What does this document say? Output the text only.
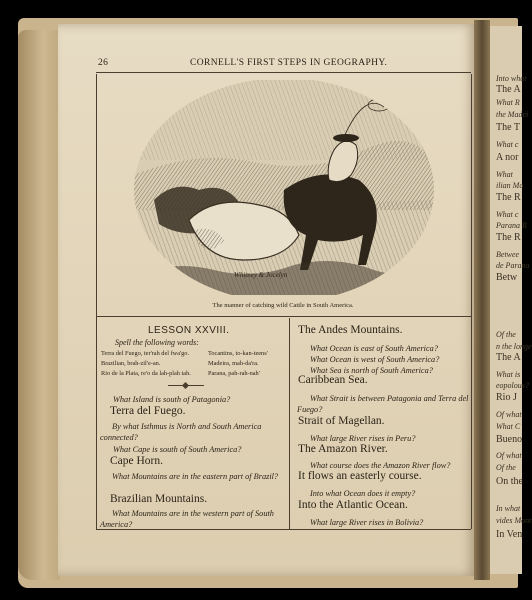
Into what
The A
What R
the Madei
The T
What c
A nor
What
ilian Mo
The R
What c
Parana R
The R
Betwee
de Parana
Betw
Of the
n the longe
The A
What is
eopolous?
Rio J
Of what
What C
Bueno
Of what
Of the
On the
In what
vides Mont
In Ven
26	CORNELL'S FIRST STEPS IN GEOGRAPHY.
Whitney & Jocelyn
The manner of catching wild Cattle in South America.
LESSON XXVIII.
Spell the following words:
Terra del Fuego, ter'rah del fwa'go.	Tocantins, to-kan-teens'
Brazilian, brah-zil'e-an.	Madeira, mah-da'ra.
Rio de la Plata, re'o da lah-plah tah.	Parana, pah-rah-nah'
What Island is south of Patagonia?
Terra del Fuego.
By what Isthmus is North and South America connected?
What Cape is south of South America?
Cape Horn.
What Mountains are in the eastern part of Brazil?
Brazilian Mountains.
What Mountains are in the western part of South America?
The Andes Mountains.
What Ocean is east of South America?
What Ocean is west of South America?
What Sea is north of South America?
Caribbean Sea.
What Strait is between Patagonia and Terra del Fuego?
Strait of Magellan.
What large River rises in Peru?
The Amazon River.
What course does the Amazon River flow?
It flows an easterly course.
Into what Ocean does it empty?
Into the Atlantic Ocean.
What large River rises in Bolivia?
